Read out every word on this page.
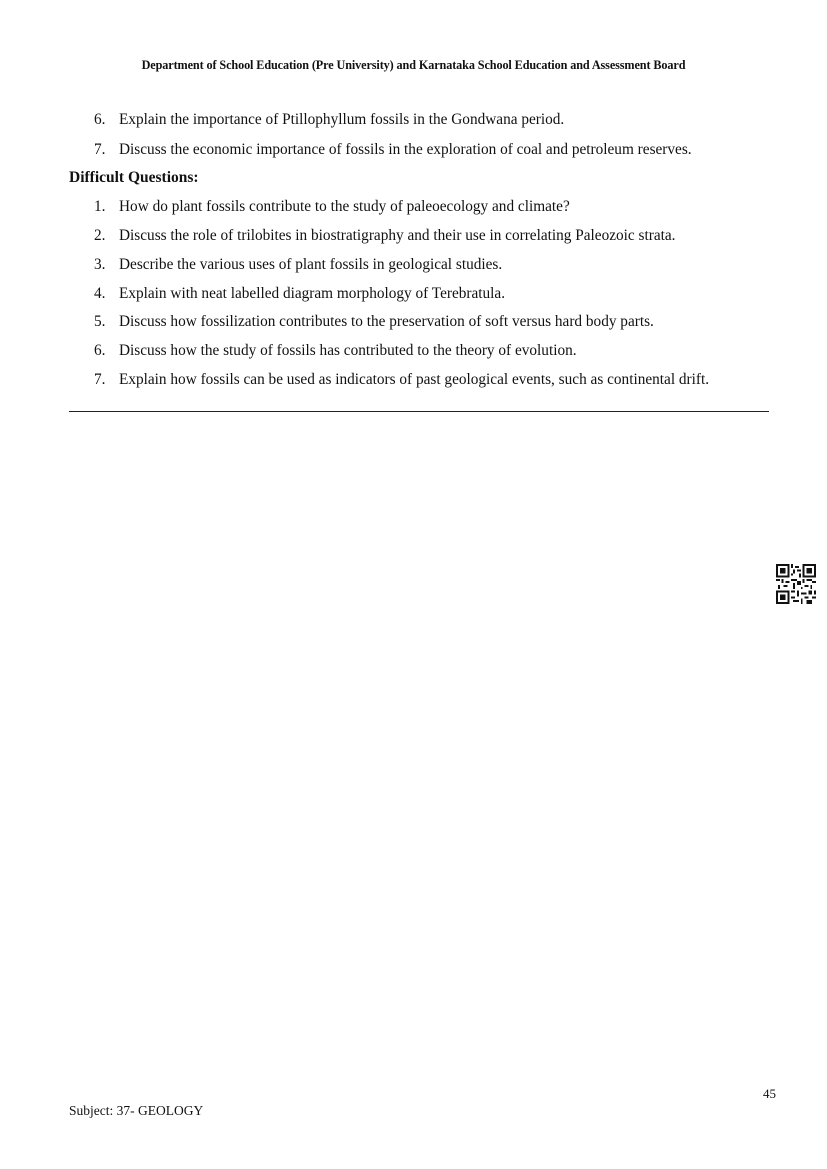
Department of School Education (Pre University) and Karnataka School Education and Assessment Board
6. Explain the importance of Ptillophyllum fossils in the Gondwana period.
7. Discuss the economic importance of fossils in the exploration of coal and petroleum reserves.
Difficult Questions:
1. How do plant fossils contribute to the study of paleoecology and climate?
2. Discuss the role of trilobites in biostratigraphy and their use in correlating Paleozoic strata.
3. Describe the various uses of plant fossils in geological studies.
4. Explain with neat labelled diagram morphology of Terebratula.
5. Discuss how fossilization contributes to the preservation of soft versus hard body parts.
6. Discuss how the study of fossils has contributed to the theory of evolution.
7. Explain how fossils can be used as indicators of past geological events, such as continental drift.
45
Subject: 37- GEOLOGY
